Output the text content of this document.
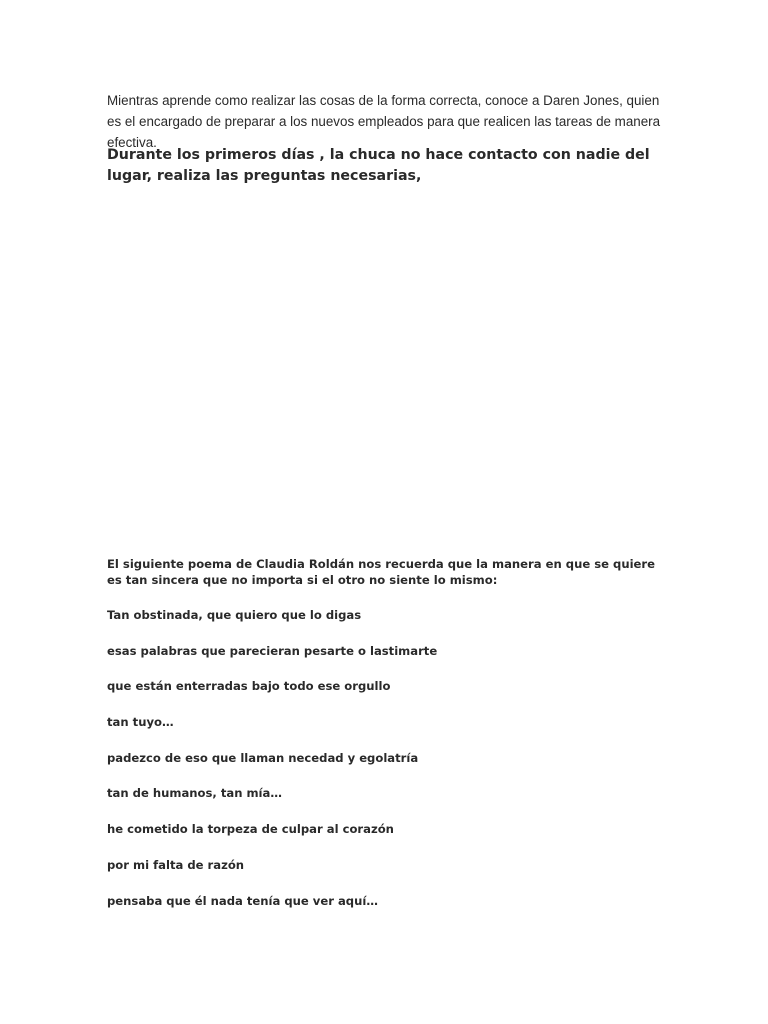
Mientras aprende como realizar las cosas de la forma correcta, conoce a Daren Jones, quien es el encargado de preparar a los nuevos empleados para que realicen las tareas de manera efectiva.

Durante los primeros días , la chuca no hace contacto con nadie del lugar, realiza las preguntas necesarias,

El siguiente poema de Claudia Roldán nos recuerda que la manera en que se quiere es tan sincera que no importa si el otro no siente lo mismo:

Tan obstinada, que quiero que lo digas
esas palabras que parecieran pesarte o lastimarte
que están enterradas bajo todo ese orgullo
tan tuyo…
padezco de eso que llaman necedad y egolatría
tan de humanos, tan mía…
he cometido la torpeza de culpar al corazón
por mi falta de razón
pensaba que él nada tenía que ver aquí…
